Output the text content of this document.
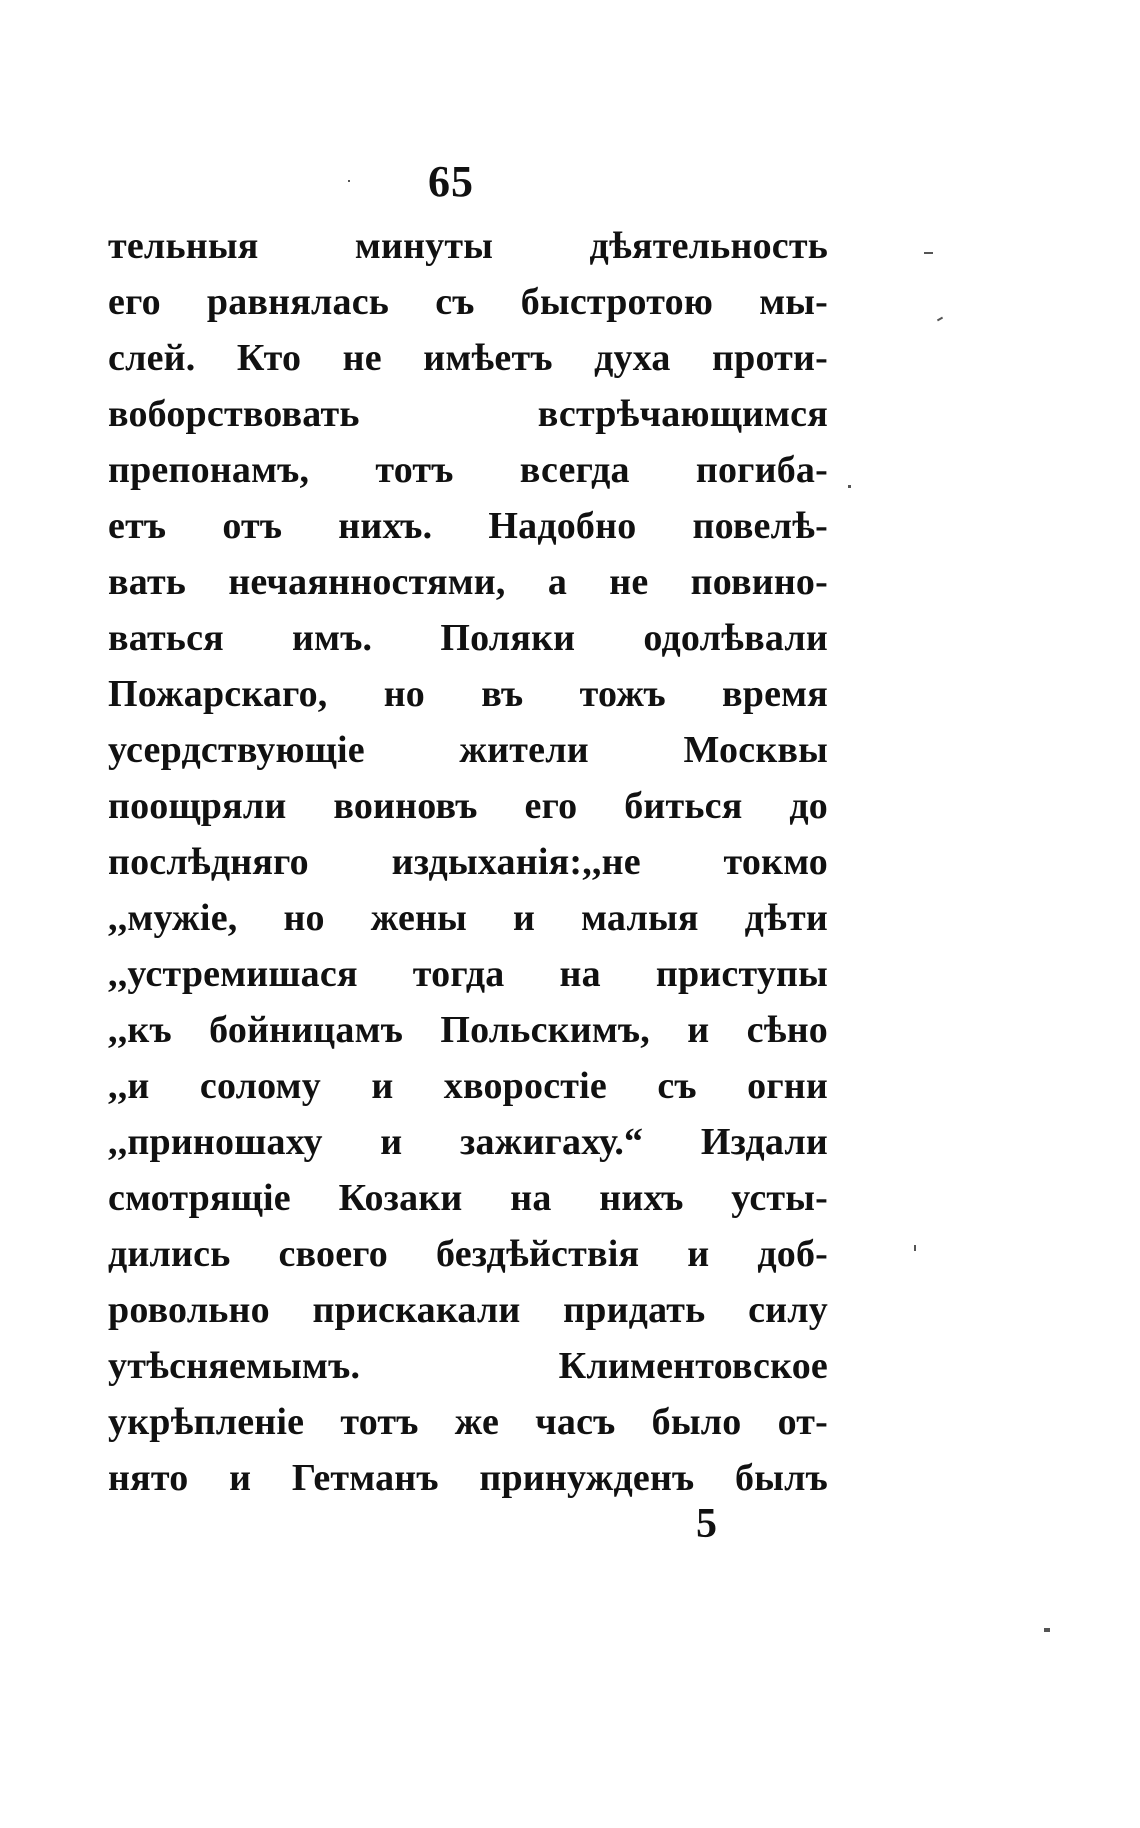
65
тельныя минуты дѣятельность
его равнялась съ быстротою мы-
слей. Кто не имѣетъ духа проти-
воборствовать встрѣчающимся
препонамъ, тотъ всегда погиба-
етъ отъ нихъ. Надобно повелѣ-
вать нечаянностями, а не повино-
ваться имъ. Поляки одолѣвали
Пожарскаго, но въ тожъ время
усердствующіе жители Москвы
поощряли воиновъ его биться до
послѣдняго издыханія:,,не токмо
,,мужіе, но жены и малыя дѣти
,,устремишася тогда на приступы
,,къ бойницамъ Польскимъ, и сѣно
,,и солому и хворостіе съ огни
,,приношаху и зажигаху.“ Издали
смотрящіе Козаки на нихъ усты-
дились своего бездѣйствія и доб-
ровольно прискакали придать силу
утѣсняемымъ. Климентовское
укрѣпленіе тотъ же часъ было от-
нято и Гетманъ принужденъ былъ
5
